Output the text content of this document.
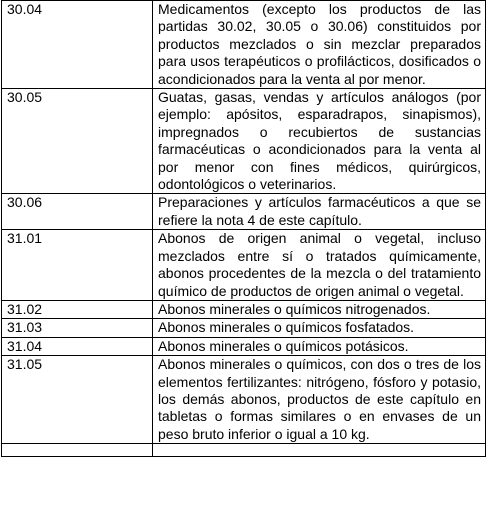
30.04	Medicamentos (excepto los productos de las partidas 30.02, 30.05 o 30.06) constituidos por productos mezclados o sin mezclar preparados para usos terapéuticos o profilácticos, dosificados o acondicionados para la venta al por menor.
30.05	Guatas, gasas, vendas y artículos análogos (por ejemplo: apósitos, esparadrapos, sinapismos), impregnados o recubiertos de sustancias farmacéuticas o acondicionados para la venta al por menor con fines médicos, quirúrgicos, odontológicos o veterinarios.
30.06	Preparaciones y artículos farmacéuticos a que se refiere la nota 4 de este capítulo.
31.01	Abonos de origen animal o vegetal, incluso mezclados entre sí o tratados químicamente, abonos procedentes de la mezcla o del tratamiento químico de productos de origen animal o vegetal.
31.02	Abonos minerales o químicos nitrogenados.
31.03	Abonos minerales o químicos fosfatados.
31.04	Abonos minerales o químicos potásicos.
31.05	Abonos minerales o químicos, con dos o tres de los elementos fertilizantes: nitrógeno, fósforo y potasio, los demás abonos, productos de este capítulo en tabletas o formas similares o en envases de un peso bruto inferior o igual a 10 kg.
